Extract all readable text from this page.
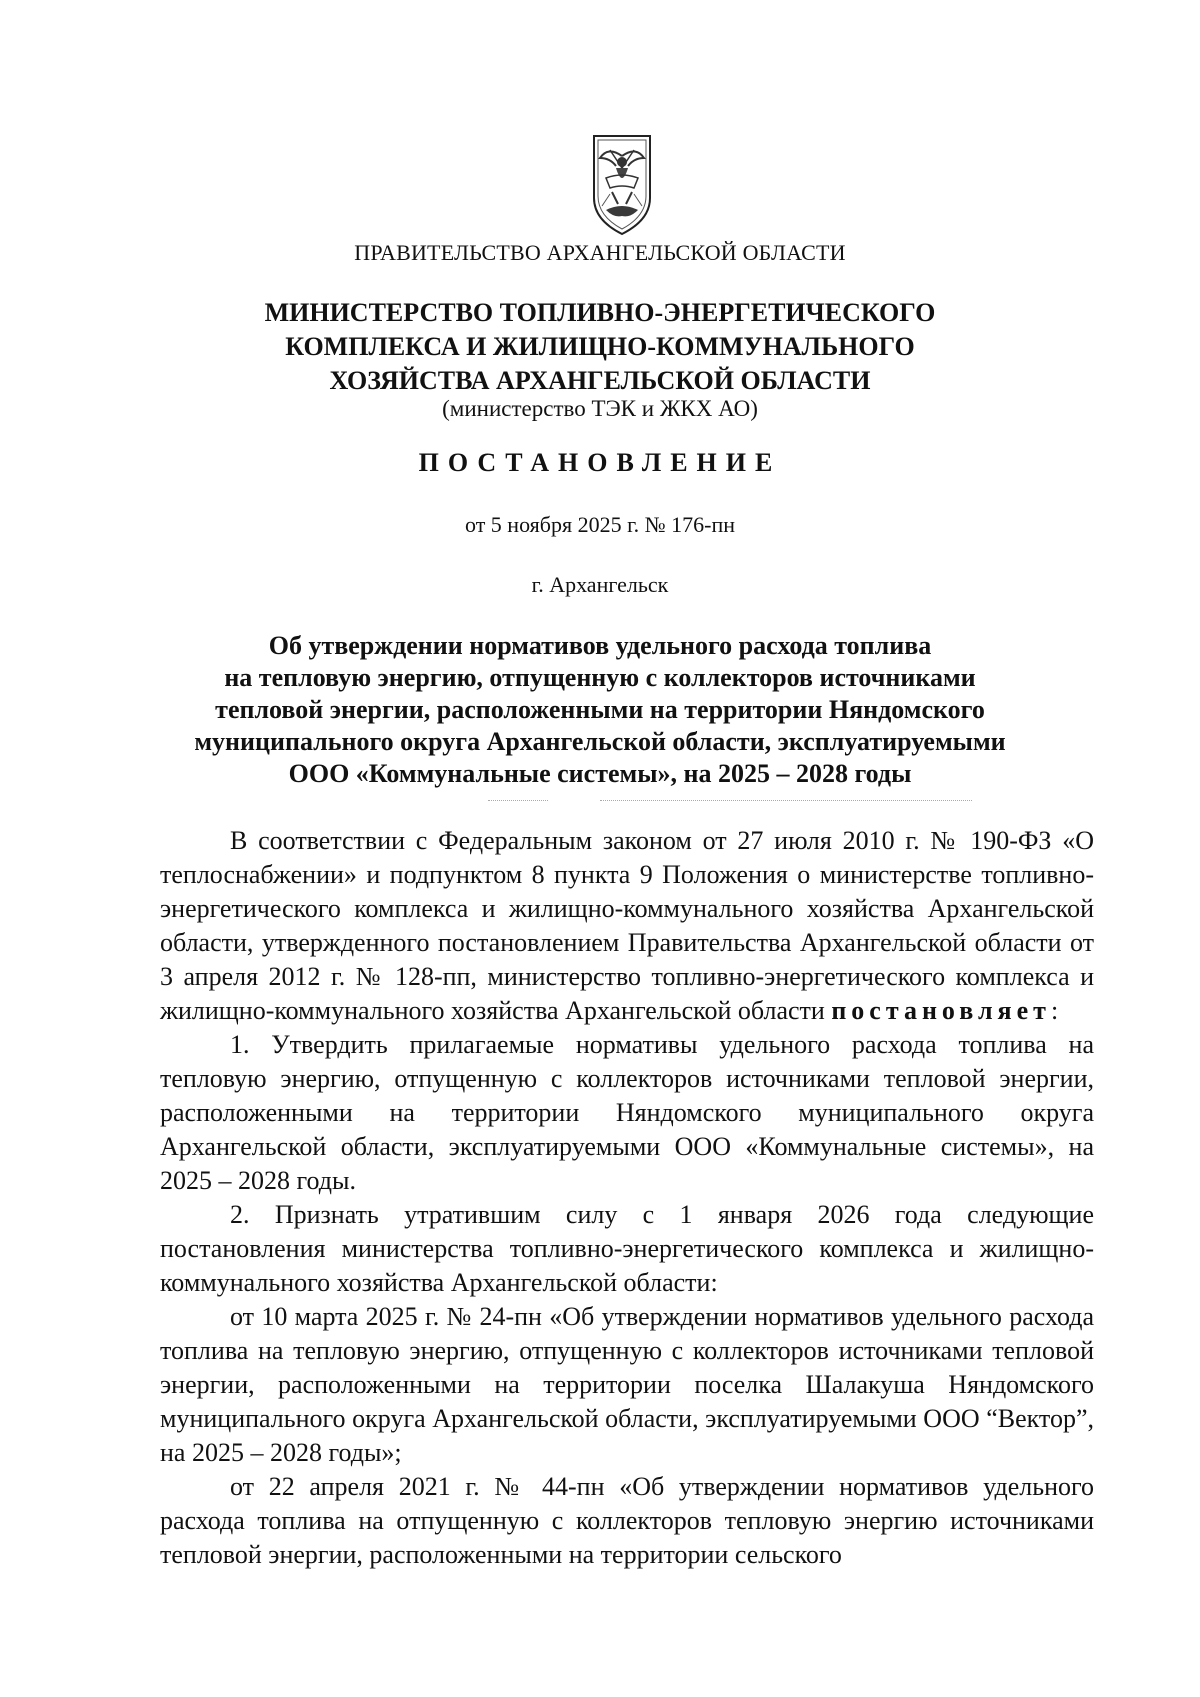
ПРАВИТЕЛЬСТВО АРХАНГЕЛЬСКОЙ ОБЛАСТИ
МИНИСТЕРСТВО ТОПЛИВНО-ЭНЕРГЕТИЧЕСКОГО
КОМПЛЕКСА И ЖИЛИЩНО-КОММУНАЛЬНОГО
ХОЗЯЙСТВА АРХАНГЕЛЬСКОЙ ОБЛАСТИ
(министерство ТЭК и ЖКХ АО)
ПОСТАНОВЛЕНИЕ
от 5 ноября 2025 г. № 176-пн
г. Архангельск
Об утверждении нормативов удельного расхода топлива
на тепловую энергию, отпущенную с коллекторов источниками
тепловой энергии, расположенными на территории Няндомского
муниципального округа Архангельской области, эксплуатируемыми
ООО «Коммунальные системы», на 2025 – 2028 годы

В соответствии с Федеральным законом от 27 июля 2010 г. № 190-ФЗ «О теплоснабжении» и подпунктом 8 пункта 9 Положения о министерстве топливно-энергетического комплекса и жилищно-коммунального хозяйства Архангельской области, утвержденного постановлением Правительства Архангельской области от 3 апреля 2012 г. № 128-пп, министерство топливно-энергетического комплекса и жилищно-коммунального хозяйства Архангельской области постановляет:

1. Утвердить прилагаемые нормативы удельного расхода топлива на тепловую энергию, отпущенную с коллекторов источниками тепловой энергии, расположенными на территории Няндомского муниципального округа Архангельской области, эксплуатируемыми ООО «Коммунальные системы», на 2025 – 2028 годы.

2. Признать утратившим силу с 1 января 2026 года следующие постановления министерства топливно-энергетического комплекса и жилищно-коммунального хозяйства Архангельской области:

от 10 марта 2025 г. № 24-пн «Об утверждении нормативов удельного расхода топлива на тепловую энергию, отпущенную с коллекторов источниками тепловой энергии, расположенными на территории поселка Шалакуша Няндомского муниципального округа Архангельской области, эксплуатируемыми ООО “Вектор”, на 2025 – 2028 годы»;

от 22 апреля 2021 г. № 44-пн «Об утверждении нормативов удельного расхода топлива на отпущенную с коллекторов тепловую энергию источниками тепловой энергии, расположенными на территории сельского
